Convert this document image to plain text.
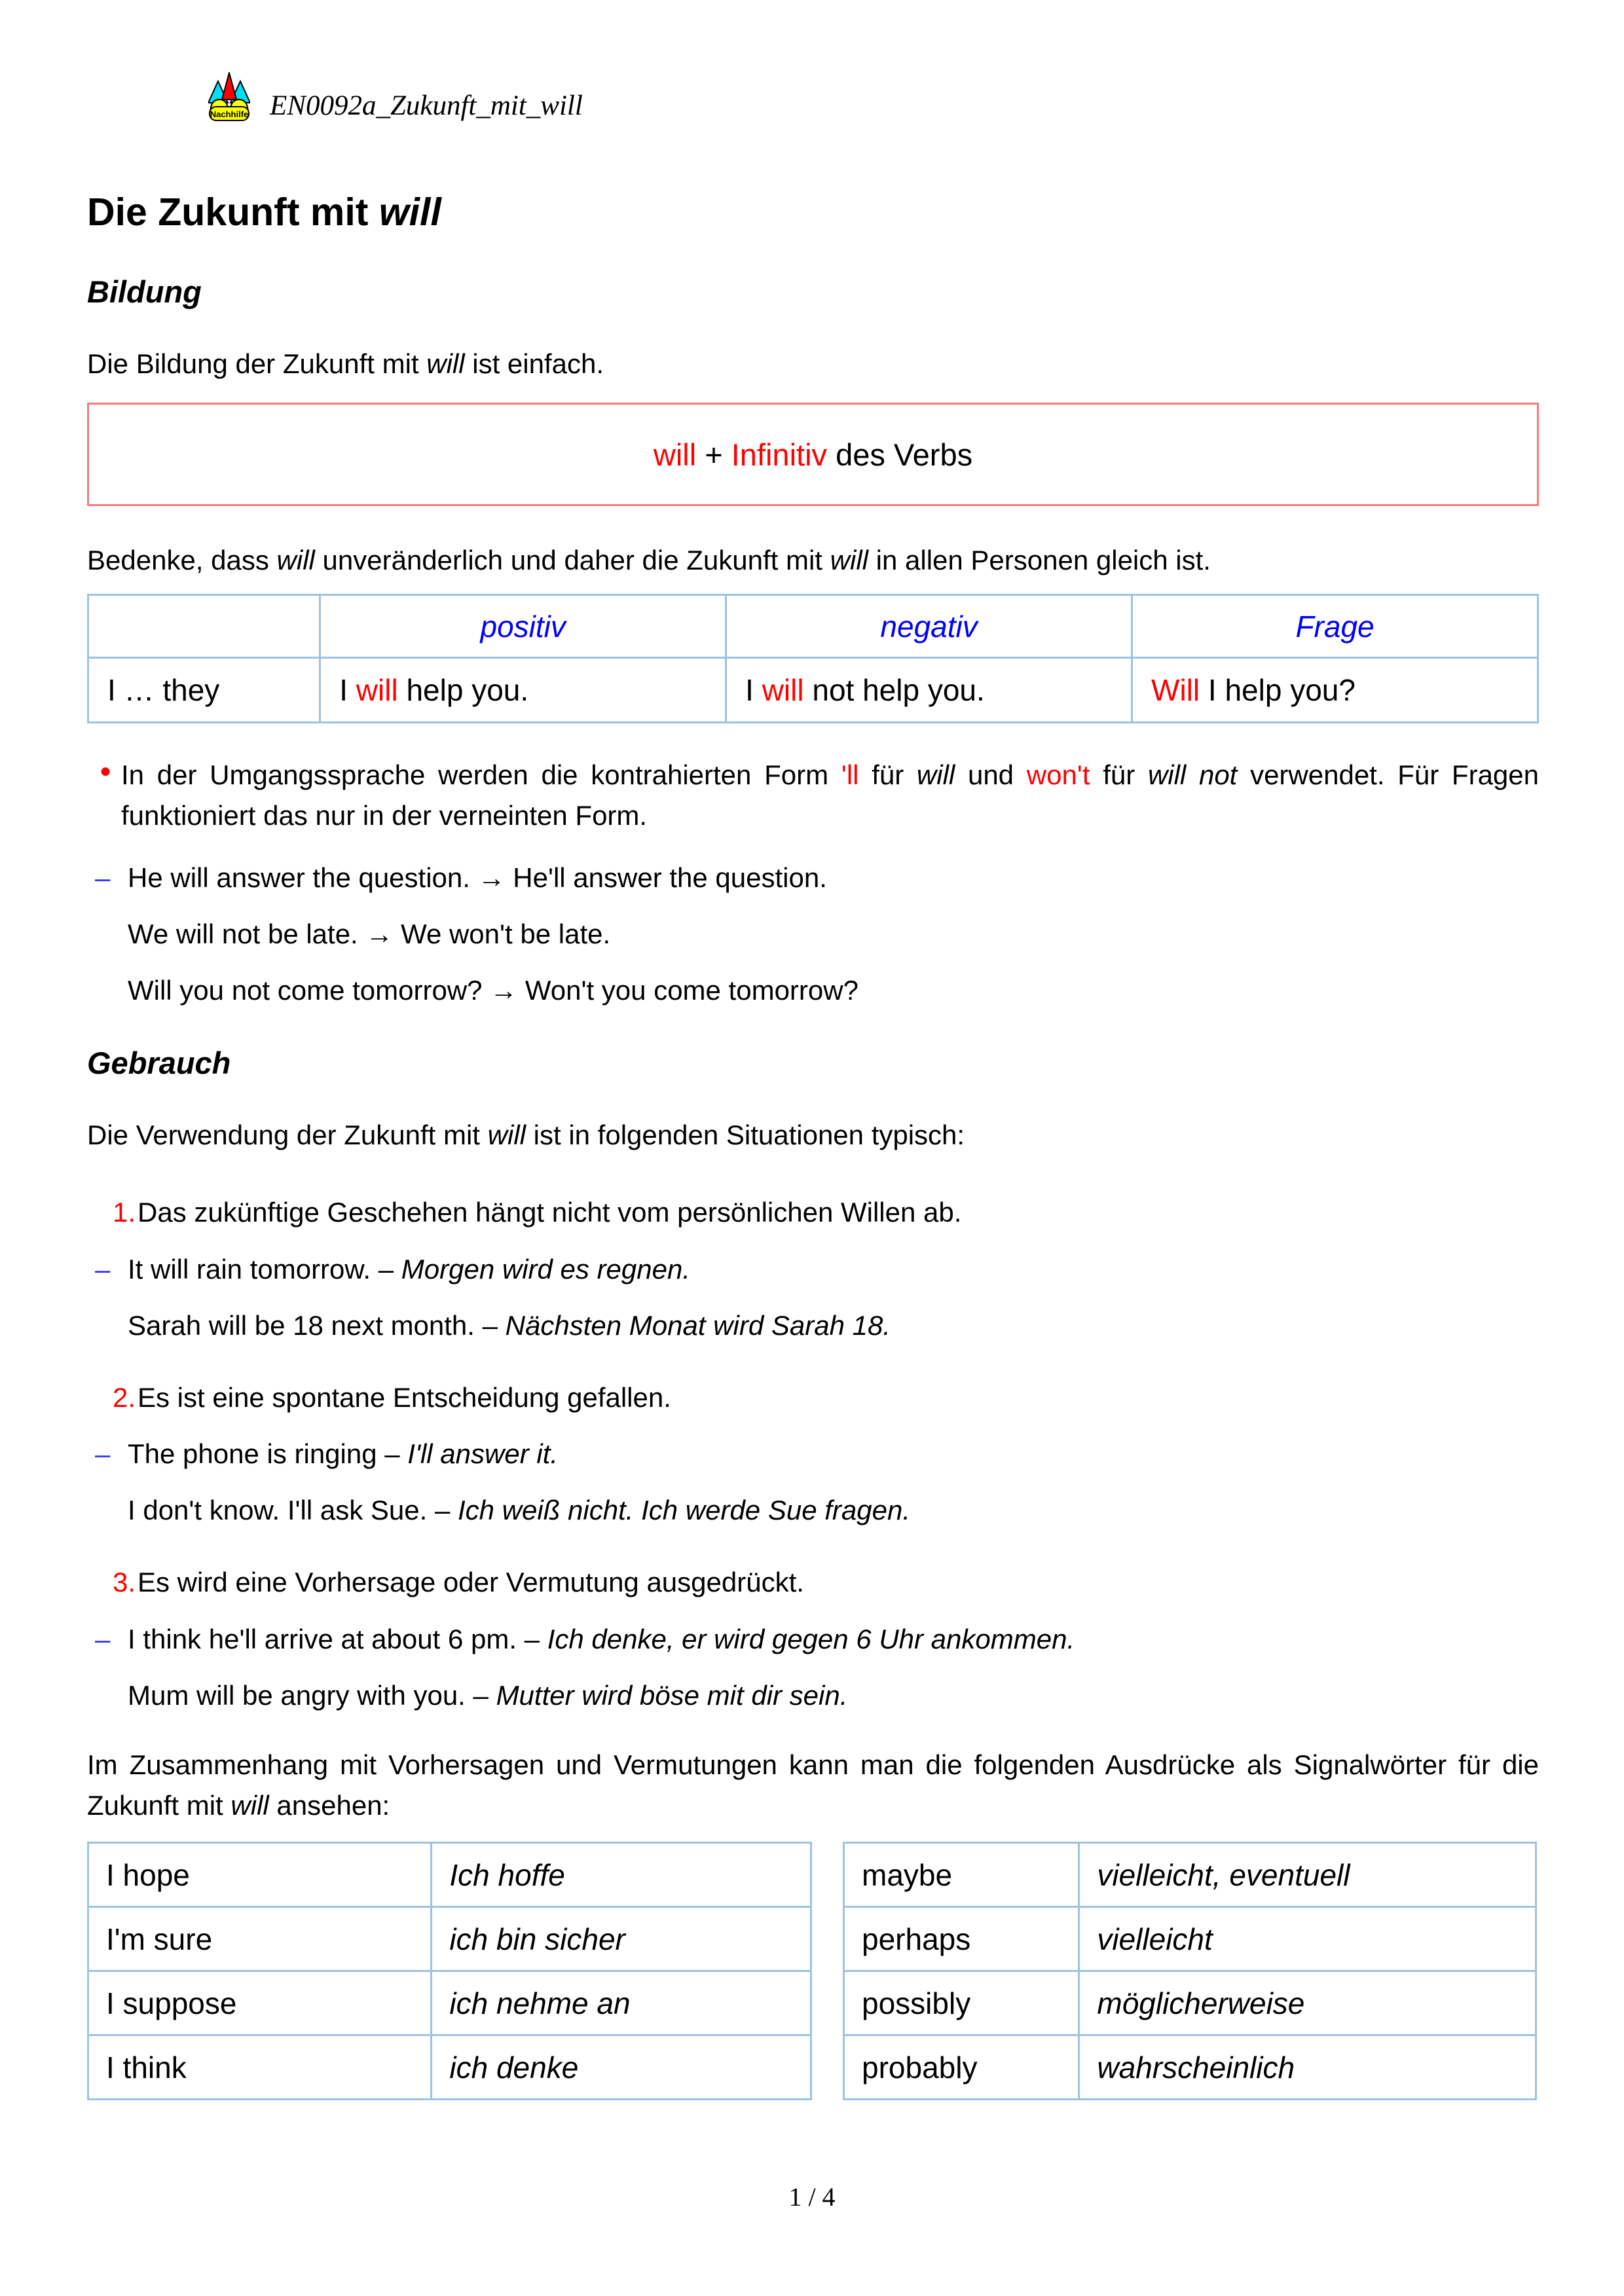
Nachhilfe EN0092a_Zukunft_mit_will
Die Zukunft mit will
Bildung

Die Bildung der Zukunft mit will ist einfach.

will + Infinitiv des Verbs

Bedenke, dass will unveränderlich und daher die Zukunft mit will in allen Personen gleich ist.

	positiv	negativ	Frage
I … they	I will help you.	I will not help you.	Will I help you?
● In der Umgangssprache werden die kontrahierten Form 'll für will und won't für will not verwendet. Für Fragen funktioniert das nur in der verneinten Form.

– He will answer the question. → He'll answer the question.

We will not be late. → We won't be late.

Will you not come tomorrow? → Won't you come tomorrow?

Gebrauch

Die Verwendung der Zukunft mit will ist in folgenden Situationen typisch:

1. Das zukünftige Geschehen hängt nicht vom persönlichen Willen ab.

– It will rain tomorrow. – Morgen wird es regnen.

Sarah will be 18 next month. – Nächsten Monat wird Sarah 18.

2. Es ist eine spontane Entscheidung gefallen.

– The phone is ringing – I'll answer it.

I don't know. I'll ask Sue. – Ich weiß nicht. Ich werde Sue fragen.

3. Es wird eine Vorhersage oder Vermutung ausgedrückt.

– I think he'll arrive at about 6 pm. – Ich denke, er wird gegen 6 Uhr ankommen.

Mum will be angry with you. – Mutter wird böse mit dir sein.

Im Zusammenhang mit Vorhersagen und Vermutungen kann man die folgenden Ausdrücke als Signalwörter für die Zukunft mit will ansehen:

I hope	Ich hoffe
I'm sure	ich bin sicher
I suppose	ich nehme an
I think	ich denke
maybe	vielleicht, eventuell
perhaps	vielleicht
possibly	möglicherweise
probably	wahrscheinlich
1 / 4
